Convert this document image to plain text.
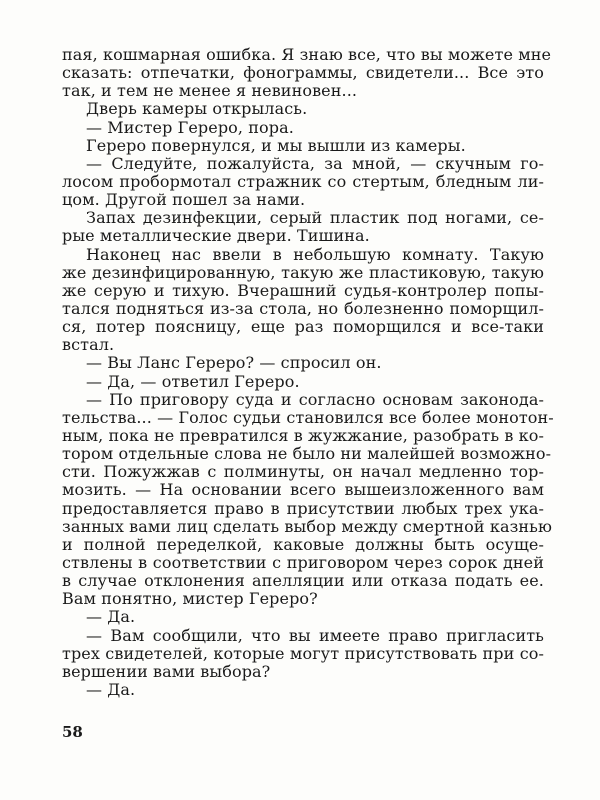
пая, кошмарная ошибка. Я знаю все, что вы можете мне
сказать: отпечатки, фонограммы, свидетели... Все это
так, и тем не менее я невиновен...
Дверь камеры открылась.
— Мистер Гереро, пора.
Гереро повернулся, и мы вышли из камеры.
— Следуйте, пожалуйста, за мной, — скучным го-
лосом пробормотал стражник со стертым, бледным ли-
цом. Другой пошел за нами.
Запах дезинфекции, серый пластик под ногами, се-
рые металлические двери. Тишина.
Наконец нас ввели в небольшую комнату. Такую
же дезинфицированную, такую же пластиковую, такую
же серую и тихую. Вчерашний судья-контролер попы-
тался подняться из-за стола, но болезненно поморщил-
ся, потер поясницу, еще раз поморщился и все-таки
встал.
— Вы Ланс Гереро? — спросил он.
— Да, — ответил Гереро.
— По приговору суда и согласно основам законода-
тельства... — Голос судьи становился все более монотон-
ным, пока не превратился в жужжание, разобрать в ко-
тором отдельные слова не было ни малейшей возможно-
сти. Пожужжав с полминуты, он начал медленно тор-
мозить. — На основании всего вышеизложенного вам
предоставляется право в присутствии любых трех ука-
занных вами лиц сделать выбор между смертной казнью
и полной переделкой, каковые должны быть осуще-
ствлены в соответствии с приговором через сорок дней
в случае отклонения апелляции или отказа подать ее.
Вам понятно, мистер Гереро?
— Да.
— Вам сообщили, что вы имеете право пригласить
трех свидетелей, которые могут присутствовать при со-
вершении вами выбора?
— Да.
58
